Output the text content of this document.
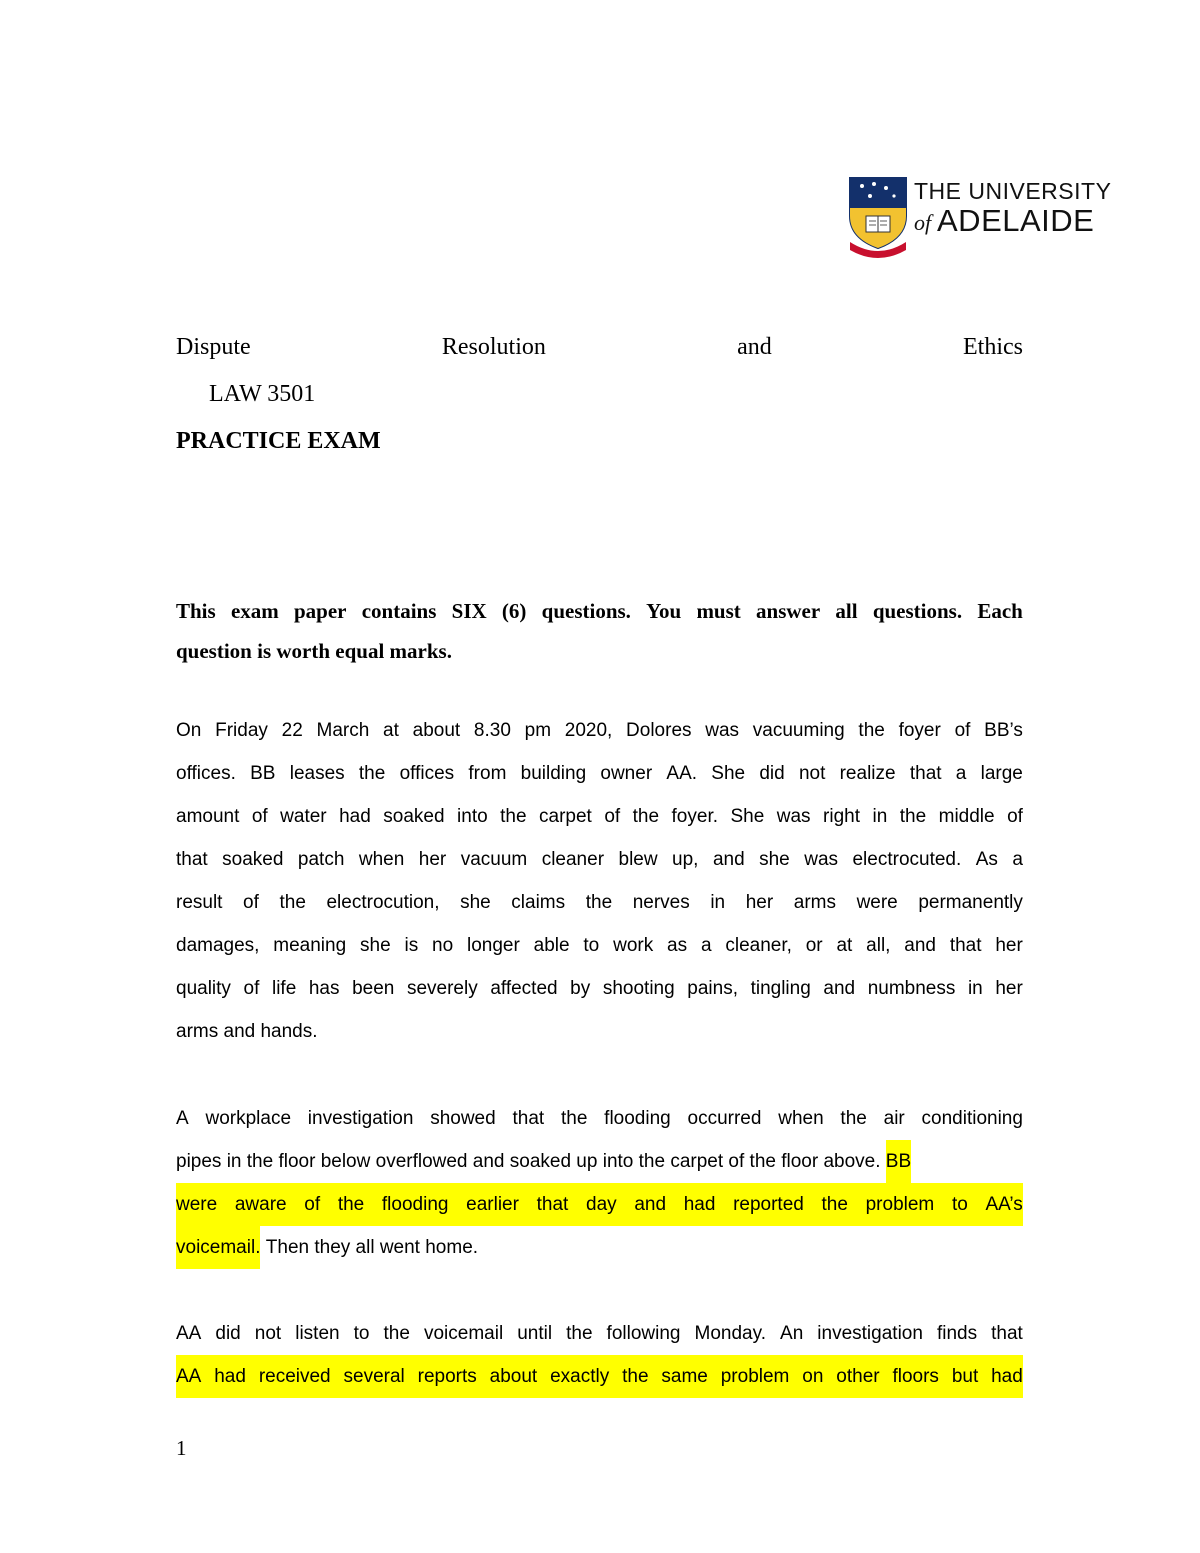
THE UNIVERSITY
of ADELAIDE
Dispute	Resolution	and	Ethics
LAW 3501
PRACTICE EXAM
This exam paper contains SIX (6) questions. You must answer all questions. Each
question is worth equal marks.
On Friday 22 March at about 8.30 pm 2020, Dolores was vacuuming the foyer of BB’s
offices. BB leases the offices from building owner AA. She did not realize that a large
amount of water had soaked into the carpet of the foyer. She was right in the middle of
that soaked patch when her vacuum cleaner blew up, and she was electrocuted. As a
result of the electrocution, she claims the nerves in her arms were permanently
damages, meaning she is no longer able to work as a cleaner, or at all, and that her
quality of life has been severely affected by shooting pains, tingling and numbness in her
arms and hands.
A workplace investigation showed that the flooding occurred when the air conditioning
pipes in the floor below overflowed and soaked up into the carpet of the floor above.
BB
were aware of the flooding earlier that day and had reported the problem to AA’s
voicemail.
Then they all went home.
AA did not listen to the voicemail until the following Monday. An investigation finds that
AA had received several reports about exactly the same problem on other floors but had
1
